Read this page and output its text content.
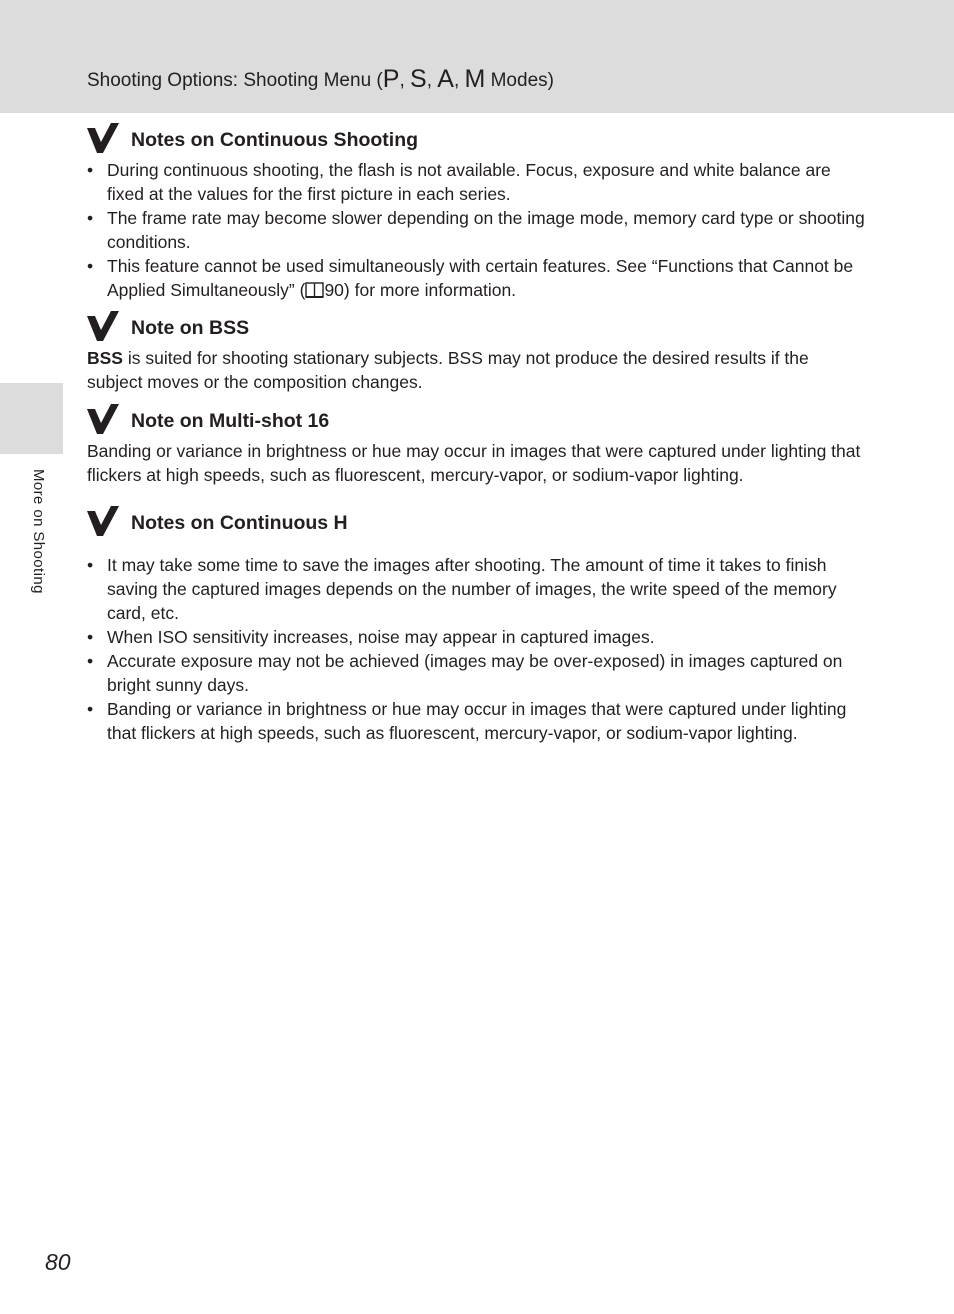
Shooting Options: Shooting Menu (P, S, A, M Modes)
More on Shooting
Notes on Continuous Shooting
• During continuous shooting, the flash is not available. Focus, exposure and white balance are fixed at the values for the first picture in each series.
• The frame rate may become slower depending on the image mode, memory card type or shooting conditions.
• This feature cannot be used simultaneously with certain features. See “Functions that Cannot be Applied Simultaneously” ( 90) for more information.
Note on BSS

BSS is suited for shooting stationary subjects. BSS may not produce the desired results if the subject moves or the composition changes.

Note on Multi-shot 16

Banding or variance in brightness or hue may occur in images that were captured under lighting that flickers at high speeds, such as fluorescent, mercury-vapor, or sodium-vapor lighting.

Notes on Continuous H
• It may take some time to save the images after shooting. The amount of time it takes to finish saving the captured images depends on the number of images, the write speed of the memory card, etc.
• When ISO sensitivity increases, noise may appear in captured images.
• Accurate exposure may not be achieved (images may be over-exposed) in images captured on bright sunny days.
• Banding or variance in brightness or hue may occur in images that were captured under lighting that flickers at high speeds, such as fluorescent, mercury-vapor, or sodium-vapor lighting.
80
